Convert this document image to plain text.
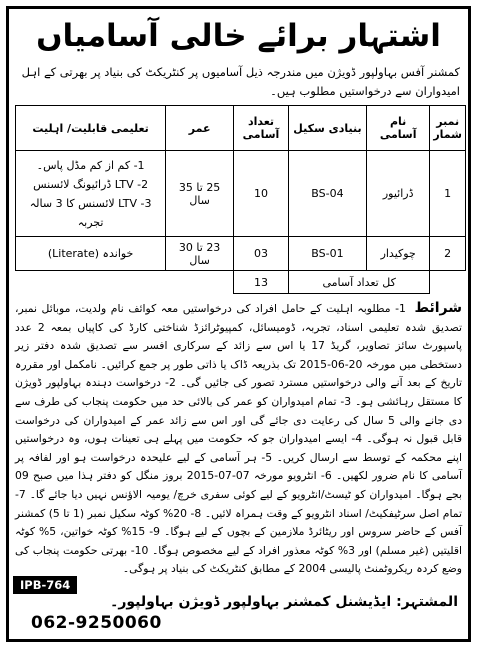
اشتہار برائے خالی آسامیاں
کمشنر آفس بہاولپور ڈویژن میں مندرجہ ذیل آسامیوں پر کنٹریکٹ کی بنیاد پر بھرتی کے اہل امیدواران سے درخواستیں مطلوب ہیں۔
نمبر شمار	نام آسامی	بنیادی سکیل	تعداد آسامی	عمر	تعلیمی قابلیت/ اہلیت
1	ڈرائیور	BS-04	10	25 تا 35 سال	1- کم از کم مڈل پاس۔
2- LTV ڈرائیونگ لائسنس
3- LTV لائسنس کا 3 سالہ تجربہ

2	چوکیدار	BS-01	03	23 تا 30 سال	خواندہ (Literate)

	کل تعداد آسامی		13		
شرائط 1- مطلوبہ اہلیت کے حامل افراد کی درخواستیں معہ کوائف نام ولدیت، موبائل نمبر، تصدیق شدہ تعلیمی اسناد، تجربہ، ڈومیسائل، کمپیوٹرائزڈ شناختی کارڈ کی کاپیاں بمعہ 2 عدد پاسپورٹ سائز تصاویر، گریڈ 17 یا اس سے زائد کے سرکاری افسر سے تصدیق شدہ دفتر زیر دستخطی میں مورخہ 20-06-2015 تک بذریعہ ڈاک یا ذاتی طور پر جمع کرائیں۔ نامکمل اور مقررہ تاریخ کے بعد آنے والی درخواستیں مسترد تصور کی جائیں گی۔ 2- درخواست دہندہ بہاولپور ڈویژن کا مستقل رہائشی ہو۔ 3- تمام امیدواران کو عمر کی بالائی حد میں حکومت پنجاب کی طرف سے دی جانے والی 5 سال کی رعایت دی جائے گی اور اس سے زائد عمر کے امیدواران کی درخواست قابل قبول نہ ہوگی۔ 4- ایسے امیدواران جو کہ حکومت میں پہلے ہی تعینات ہوں، وہ درخواستیں اپنے محکمہ کے توسط سے ارسال کریں۔ 5- ہر آسامی کے لیے علیحدہ درخواست ہو اور لفافہ پر آسامی کا نام ضرور لکھیں۔ 6- انٹرویو مورخہ 07-07-2015 بروز منگل کو دفتر ہذا میں صبح 09 بجے ہوگا۔ امیدواران کو ٹیسٹ/انٹرویو کے لیے کوئی سفری خرچ/ یومیہ الاؤنس نہیں دیا جائے گا۔ 7- تمام اصل سرٹیفکیٹ/ اسناد انٹرویو کے وقت ہمراہ لائیں۔ 8- 20% کوٹہ سکیل نمبر (1 تا 5) کمشنر آفس کے حاضر سروس اور ریٹائرڈ ملازمین کے بچوں کے لیے ہوگا۔ 9- 15% کوٹہ خواتین، 5% کوٹہ اقلیتیں (غیر مسلم) اور 3% کوٹہ معذور افراد کے لیے مخصوص ہوگا۔ 10- بھرتی حکومت پنجاب کی وضع کردہ ریکروٹمنٹ پالیسی 2004 کے مطابق کنٹریکٹ کی بنیاد پر ہوگی۔
IPB-764
المشتہر: ایڈیشنل کمشنر بہاولپور ڈویژن بہاولپور۔
062-9250060
